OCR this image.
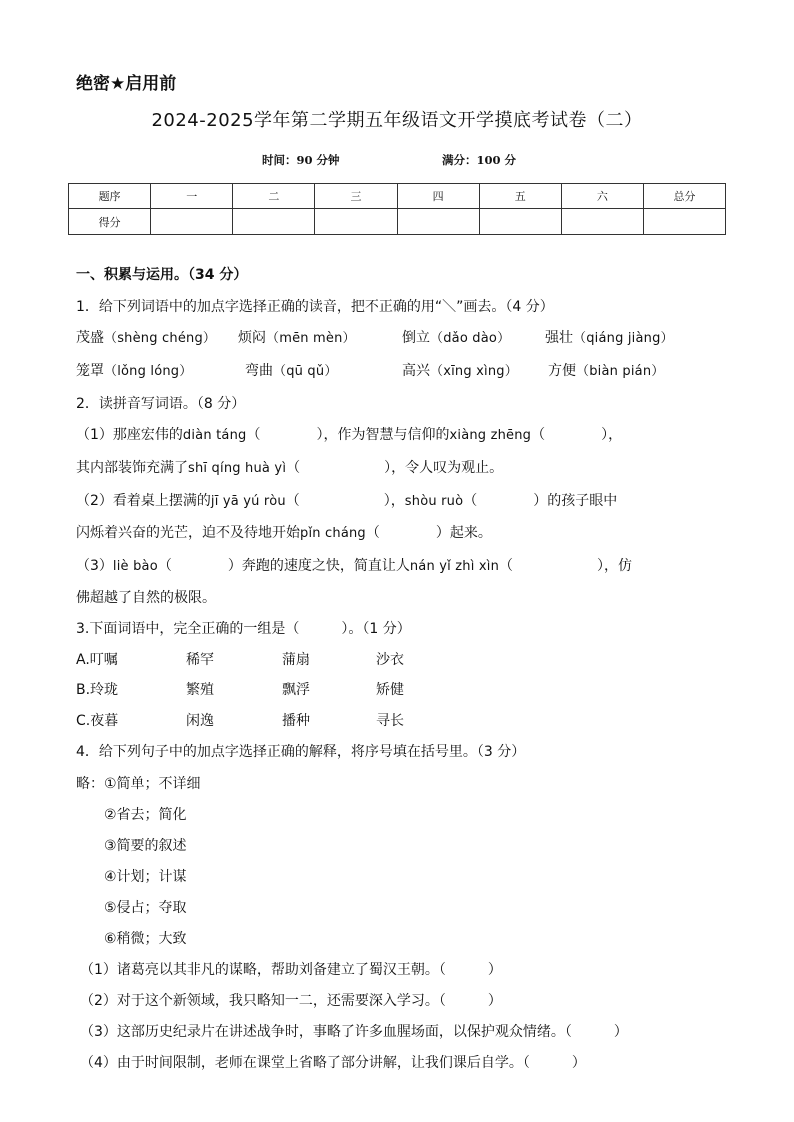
绝密★启用前
2024-2025学年第二学期五年级语文开学摸底考试卷（二）
时间：90 分钟	满分：100 分
题序	一	二	三	四	五	六	总分
得分							
一、积累与运用。（34 分）
1．给下列词语中的加点字选择正确的读音，把不正确的用“＼”画去。（4 分）
茂盛（shèng chéng） 烦闷（mēn mèn）	倒立（dǎo dào） 强壮（qiáng jiàng）
笼罩（lǒng lóng）	弯曲（qū qǔ）	高兴（xīng xìng） 方便（biàn pián）
2．读拼音写词语。（8 分）
（1）那座宏伟的diàn táng（　　　　），作为智慧与信仰的xiàng zhēng（　　　　），
其内部装饰充满了shī qíng huà yì（　　　　　　），令人叹为观止。
（2）看着桌上摆满的jī yā yú ròu（　　　　　　），shòu ruò（　　　　）的孩子眼中
闪烁着兴奋的光芒，迫不及待地开始pǐn cháng（　　　　）起来。
（3）liè bào（　　　　）奔跑的速度之快，简直让人nán yǐ zhì xìn（　　　　　　），仿
佛超越了自然的极限。
3.下面词语中，完全正确的一组是（　　　）。（1 分）
A.叮嘱	稀罕	蒲扇	沙衣
B.玲珑	繁殖	飘浮	矫健
C.夜暮	闲逸	播种	寻长
4．给下列句子中的加点字选择正确的解释，将序号填在括号里。（3 分）
略：①简单；不详细
②省去；简化
③简要的叙述
④计划；计谋
⑤侵占；夺取
⑥稍微；大致
（1）诸葛亮以其非凡的谋略，帮助刘备建立了蜀汉王朝。（　　　）
（2）对于这个新领域，我只略知一二，还需要深入学习。（　　　）
（3）这部历史纪录片在讲述战争时，事略了许多血腥场面，以保护观众情绪。（　　　）
（4）由于时间限制，老师在课堂上省略了部分讲解，让我们课后自学。（　　　）
